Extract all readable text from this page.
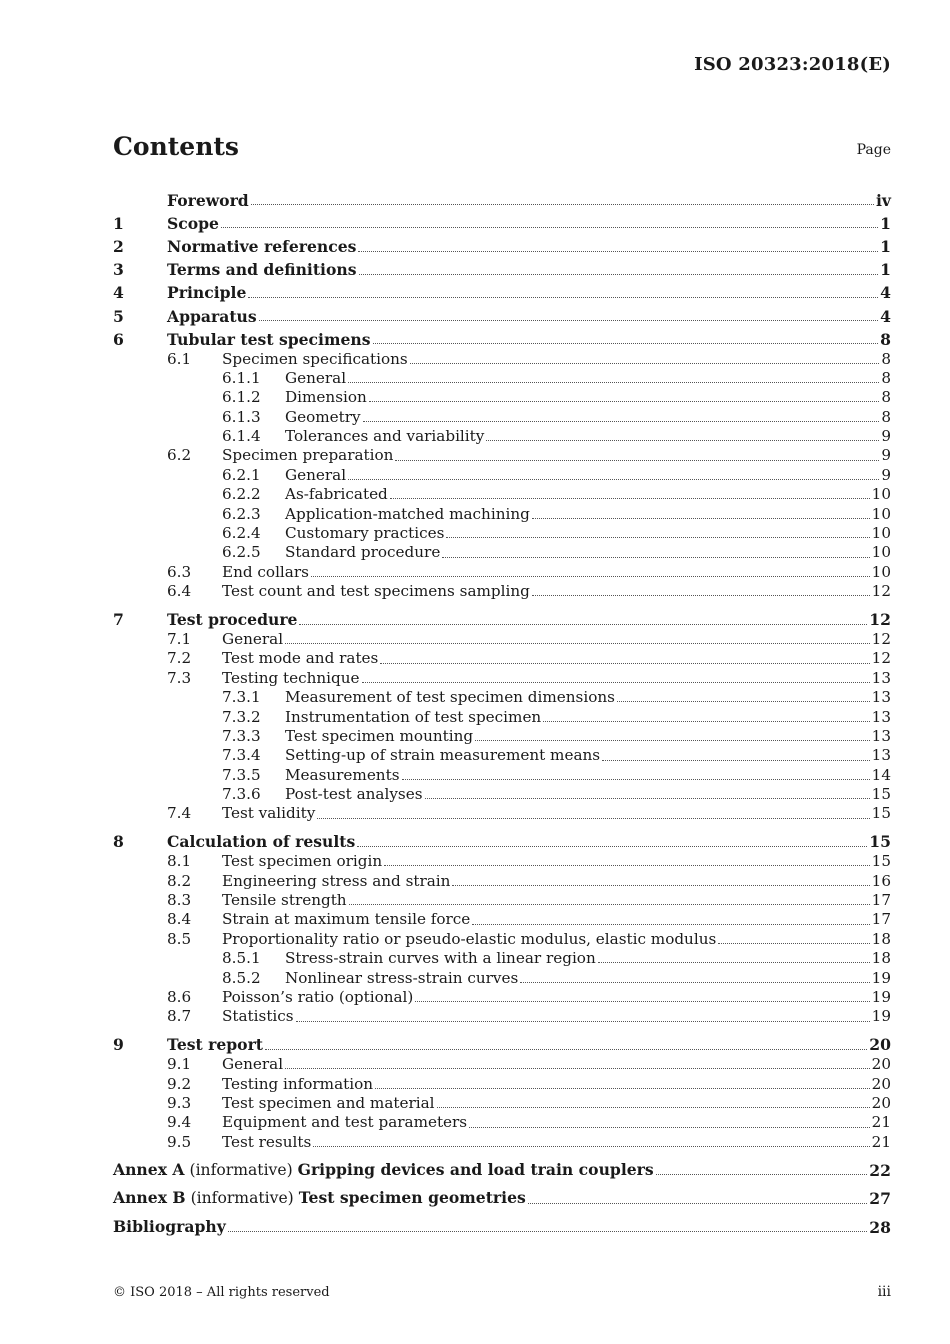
ISO 20323:2018(E)
Contents	Page
Foreword	iv
1	Scope	1
2	Normative references	1
3	Terms and definitions	1
4	Principle	4
5	Apparatus	4
6	Tubular test specimens	8
6.1	Specimen specifications	8
6.1.1	General	8
6.1.2	Dimension	8
6.1.3	Geometry	8
6.1.4	Tolerances and variability	9
6.2	Specimen preparation	9
6.2.1	General	9
6.2.2	As-fabricated	10
6.2.3	Application-matched machining	10
6.2.4	Customary practices	10
6.2.5	Standard procedure	10
6.3	End collars	10
6.4	Test count and test specimens sampling	12
7	Test procedure	12
7.1	General	12
7.2	Test mode and rates	12
7.3	Testing technique	13
7.3.1	Measurement of test specimen dimensions	13
7.3.2	Instrumentation of test specimen	13
7.3.3	Test specimen mounting	13
7.3.4	Setting-up of strain measurement means	13
7.3.5	Measurements	14
7.3.6	Post-test analyses	15
7.4	Test validity	15
8	Calculation of results	15
8.1	Test specimen origin	15
8.2	Engineering stress and strain	16
8.3	Tensile strength	17
8.4	Strain at maximum tensile force	17
8.5	Proportionality ratio or pseudo-elastic modulus, elastic modulus	18
8.5.1	Stress-strain curves with a linear region	18
8.5.2	Nonlinear stress-strain curves	19
8.6	Poisson’s ratio (optional)	19
8.7	Statistics	19
9	Test report	20
9.1	General	20
9.2	Testing information	20
9.3	Test specimen and material	20
9.4	Equipment and test parameters	21
9.5	Test results	21
Annex A (informative) Gripping devices and load train couplers	22
Annex B (informative) Test specimen geometries	27
Bibliography	28
© ISO 2018 – All rights reserved	iii
